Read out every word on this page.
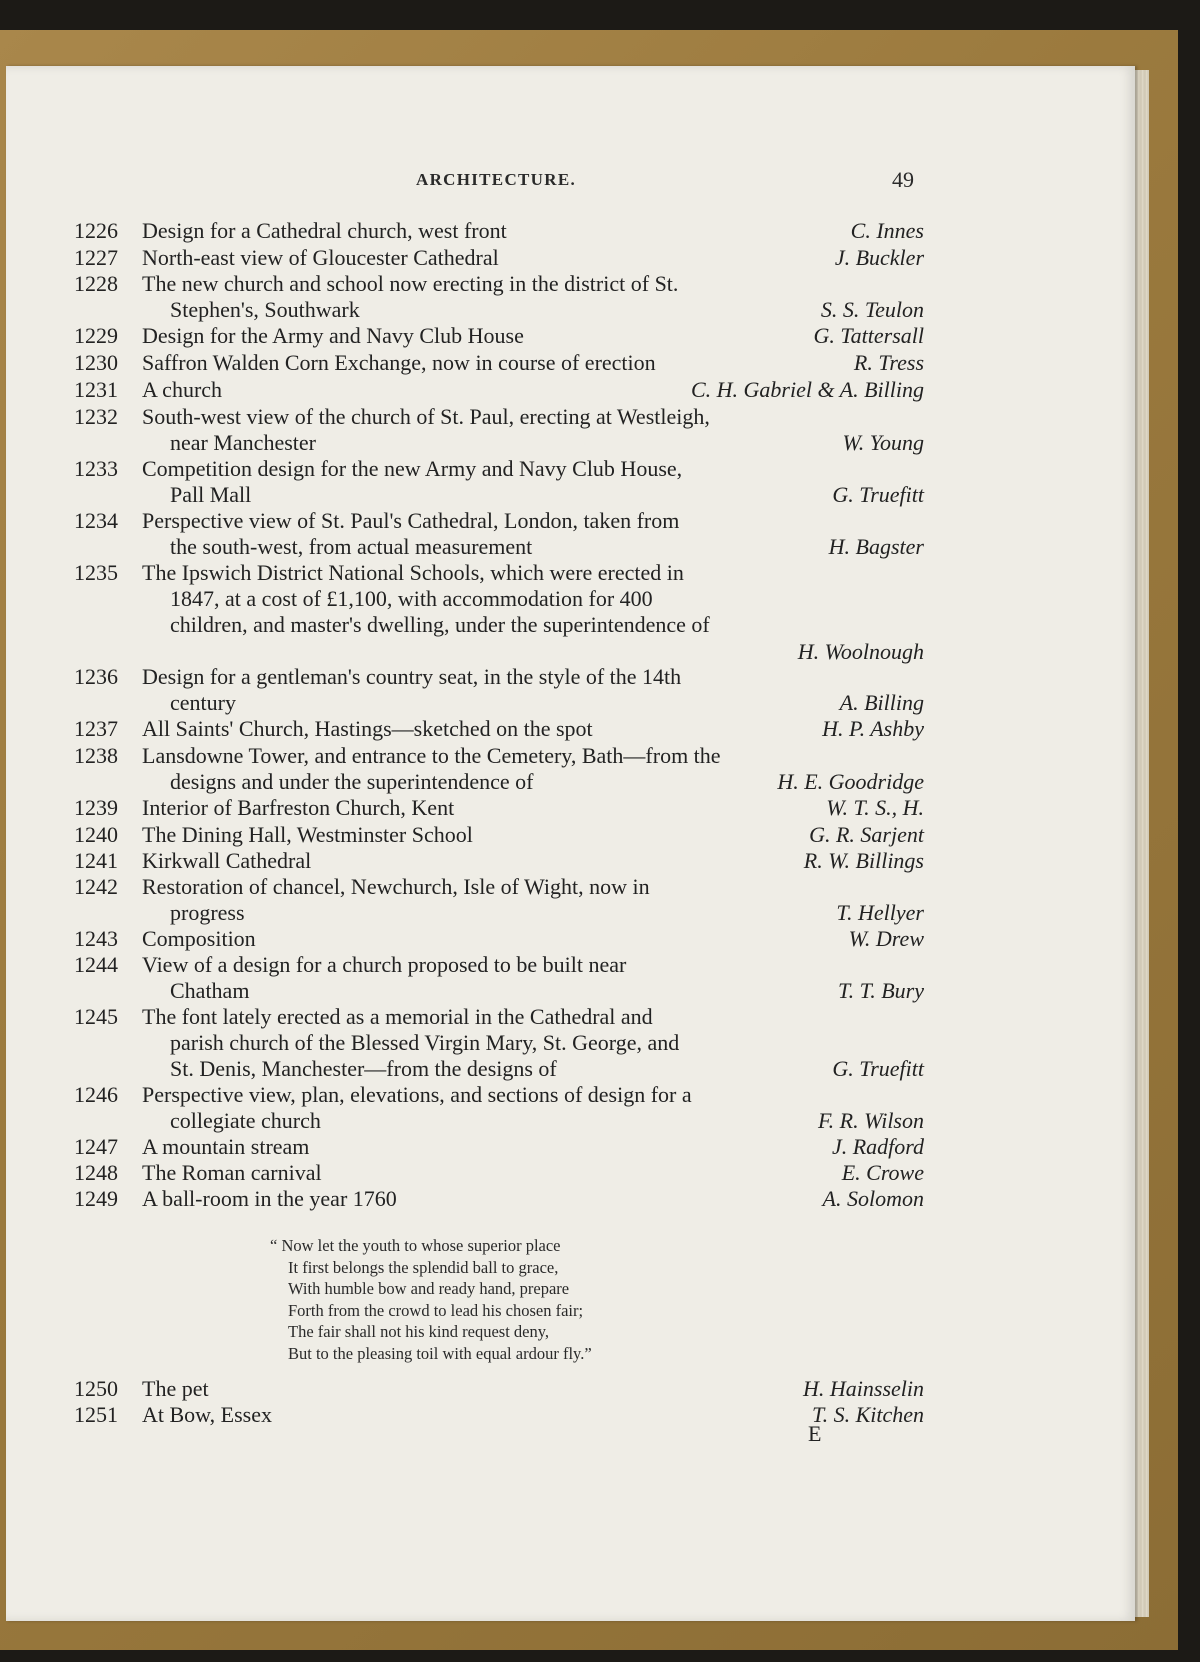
ARCHITECTURE.	49
1226	Design for a Cathedral church, west front	C. Innes
1227	North-east view of Gloucester Cathedral	J. Buckler
1228	The new church and school now erecting in the district of St.
Stephen's, Southwark	S. S. Teulon
1229	Design for the Army and Navy Club House	G. Tattersall
1230	Saffron Walden Corn Exchange, now in course of erection	R. Tress
1231	A church	C. H. Gabriel & A. Billing
1232	South-west view of the church of St. Paul, erecting at Westleigh,
near Manchester	W. Young
1233	Competition design for the new Army and Navy Club House,
Pall Mall	G. Truefitt
1234	Perspective view of St. Paul's Cathedral, London, taken from
the south-west, from actual measurement	H. Bagster
1235	The Ipswich District National Schools, which were erected in
1847, at a cost of £1,100, with accommodation for 400
children, and master's dwelling, under the superintendence of
H. Woolnough
1236	Design for a gentleman's country seat, in the style of the 14th
century	A. Billing
1237	All Saints' Church, Hastings—sketched on the spot	H. P. Ashby
1238	Lansdowne Tower, and entrance to the Cemetery, Bath—from the
designs and under the superintendence of	H. E. Goodridge
1239	Interior of Barfreston Church, Kent	W. T. S., H.
1240	The Dining Hall, Westminster School	G. R. Sarjent
1241	Kirkwall Cathedral	R. W. Billings
1242	Restoration of chancel, Newchurch, Isle of Wight, now in
progress	T. Hellyer
1243	Composition	W. Drew
1244	View of a design for a church proposed to be built near
Chatham	T. T. Bury
1245	The font lately erected as a memorial in the Cathedral and
parish church of the Blessed Virgin Mary, St. George, and
St. Denis, Manchester—from the designs of	G. Truefitt
1246	Perspective view, plan, elevations, and sections of design for a
collegiate church	F. R. Wilson
1247	A mountain stream	J. Radford
1248	The Roman carnival	E. Crowe
1249	A ball-room in the year 1760	A. Solomon
1250	The pet	H. Hainsselin
1251	At Bow, Essex	T. S. Kitchen
“ Now let the youth to whose superior place
It first belongs the splendid ball to grace,
With humble bow and ready hand, prepare
Forth from the crowd to lead his chosen fair;
The fair shall not his kind request deny,
But to the pleasing toil with equal ardour fly.”
E
